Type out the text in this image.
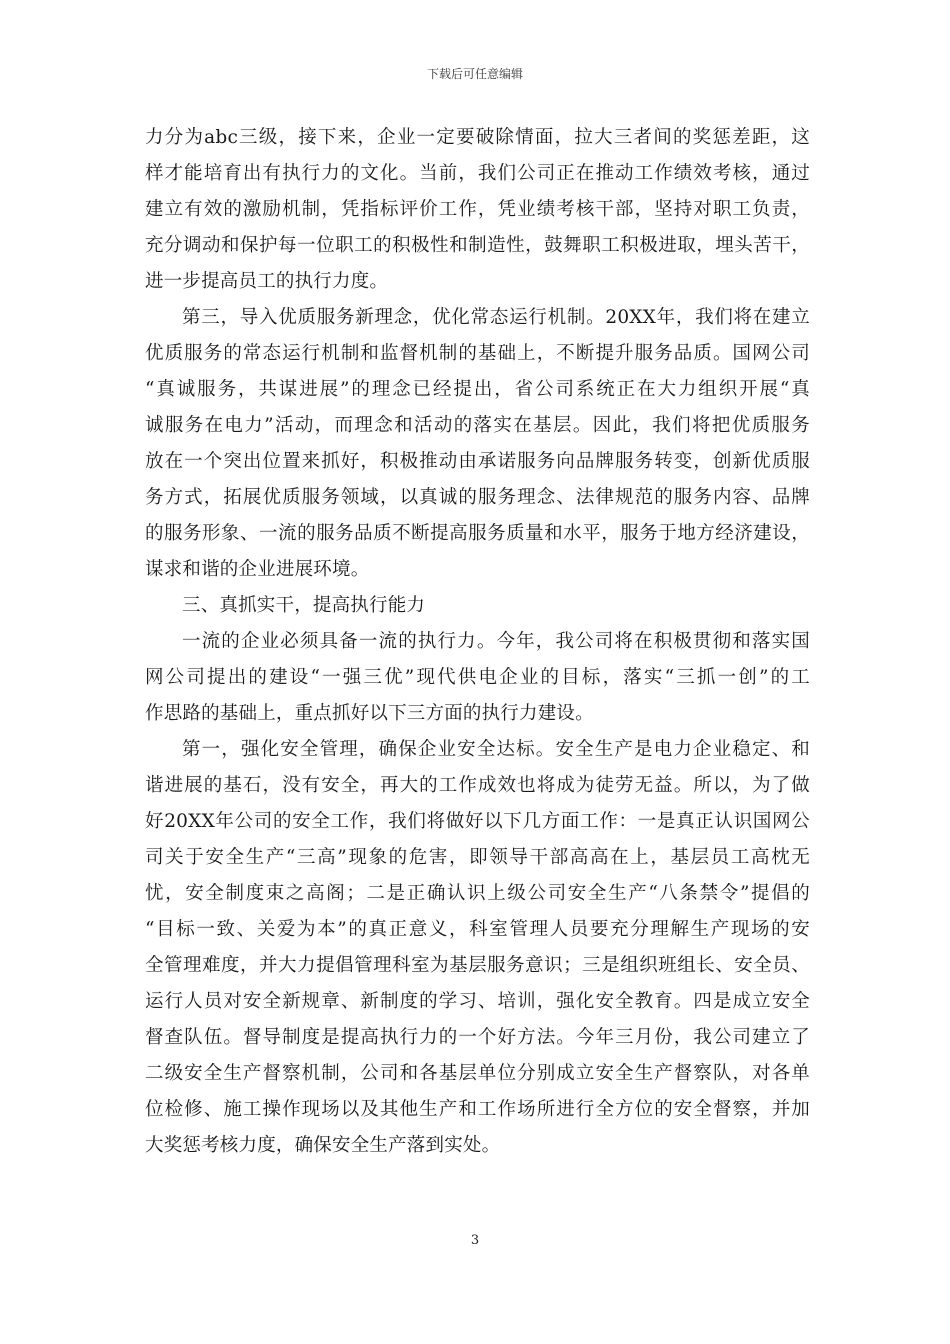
下载后可任意编辑
力分为abc三级，接下来，企业一定要破除情面，拉大三者间的奖惩差距，这
样才能培育出有执行力的文化。当前，我们公司正在推动工作绩效考核，通过
建立有效的激励机制，凭指标评价工作，凭业绩考核干部，坚持对职工负责，
充分调动和保护每一位职工的积极性和制造性，鼓舞职工积极进取，埋头苦干，
进一步提高员工的执行力度。
第三，导入优质服务新理念，优化常态运行机制。20XX年，我们将在建立
优质服务的常态运行机制和监督机制的基础上，不断提升服务品质。国网公司
“真诚服务，共谋进展”的理念已经提出，省公司系统正在大力组织开展“真
诚服务在电力”活动，而理念和活动的落实在基层。因此，我们将把优质服务
放在一个突出位置来抓好，积极推动由承诺服务向品牌服务转变，创新优质服
务方式，拓展优质服务领域，以真诚的服务理念、法律规范的服务内容、品牌
的服务形象、一流的服务品质不断提高服务质量和水平，服务于地方经济建设，
谋求和谐的企业进展环境。
三、真抓实干，提高执行能力
一流的企业必须具备一流的执行力。今年，我公司将在积极贯彻和落实国
网公司提出的建设“一强三优”现代供电企业的目标，落实“三抓一创”的工
作思路的基础上，重点抓好以下三方面的执行力建设。
第一，强化安全管理，确保企业安全达标。安全生产是电力企业稳定、和
谐进展的基石，没有安全，再大的工作成效也将成为徒劳无益。所以，为了做
好20XX年公司的安全工作，我们将做好以下几方面工作：一是真正认识国网公
司关于安全生产“三高”现象的危害，即领导干部高高在上，基层员工高枕无
忧，安全制度束之高阁；二是正确认识上级公司安全生产“八条禁令”提倡的
“目标一致、关爱为本”的真正意义，科室管理人员要充分理解生产现场的安
全管理难度，并大力提倡管理科室为基层服务意识；三是组织班组长、安全员、
运行人员对安全新规章、新制度的学习、培训，强化安全教育。四是成立安全
督查队伍。督导制度是提高执行力的一个好方法。今年三月份，我公司建立了
二级安全生产督察机制，公司和各基层单位分别成立安全生产督察队，对各单
位检修、施工操作现场以及其他生产和工作场所进行全方位的安全督察，并加
大奖惩考核力度，确保安全生产落到实处。
3
